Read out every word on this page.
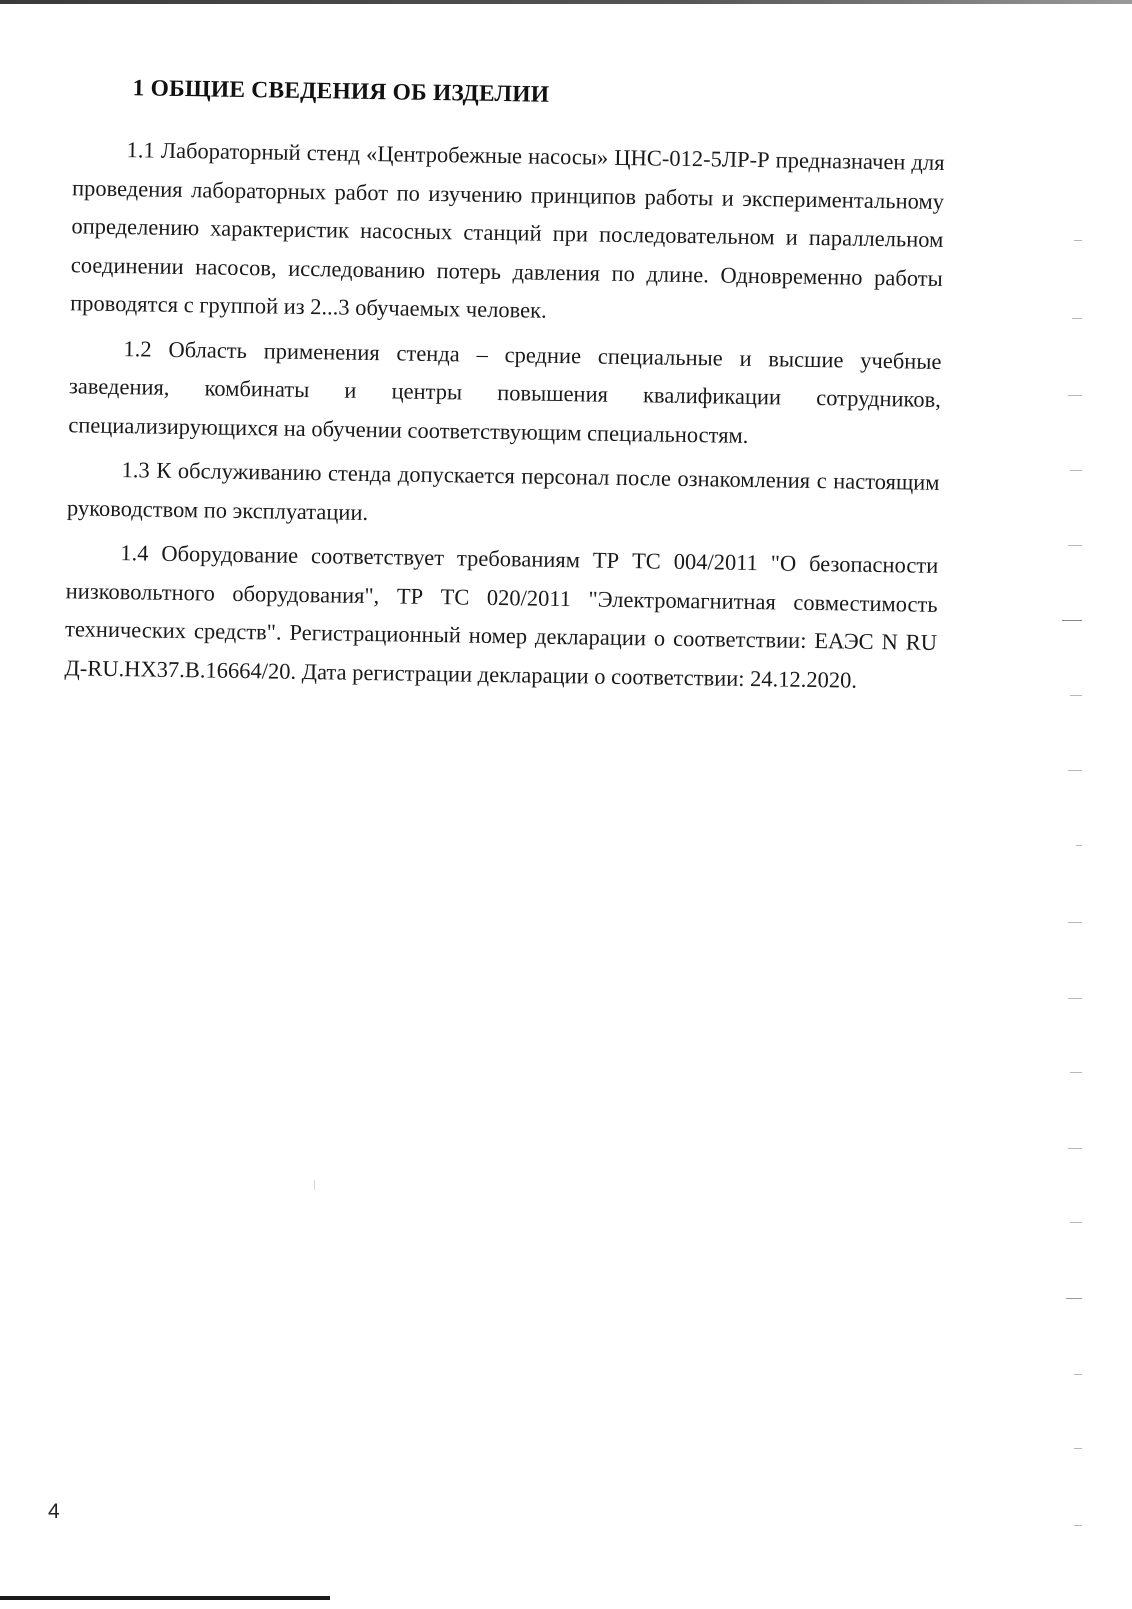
1 ОБЩИЕ СВЕДЕНИЯ ОБ ИЗДЕЛИИ

1.1 Лабораторный стенд «Центробежные насосы» ЦНС-012-5ЛР-Р предназначен для проведения лабораторных работ по изучению принципов работы и экспериментальному определению характеристик насосных станций при последовательном и параллельном соединении насосов, исследованию потерь давления по длине. Одновременно работы проводятся с группой из 2...3 обучаемых человек.

1.2 Область применения стенда – средние специальные и высшие учебные заведения, комбинаты и центры повышения квалификации сотрудников, специализирующихся на обучении соответствующим специальностям.

1.3 К обслуживанию стенда допускается персонал после ознакомления с настоящим руководством по эксплуатации.

1.4 Оборудование соответствует требованиям ТР ТС 004/2011 "О безопасности низковольтного оборудования", ТР ТС 020/2011 "Электромагнитная совместимость технических средств". Регистрационный номер декларации о соответствии: ЕАЭС N RU Д-RU.НХ37.В.16664/20. Дата регистрации декларации о соответствии: 24.12.2020.

4
